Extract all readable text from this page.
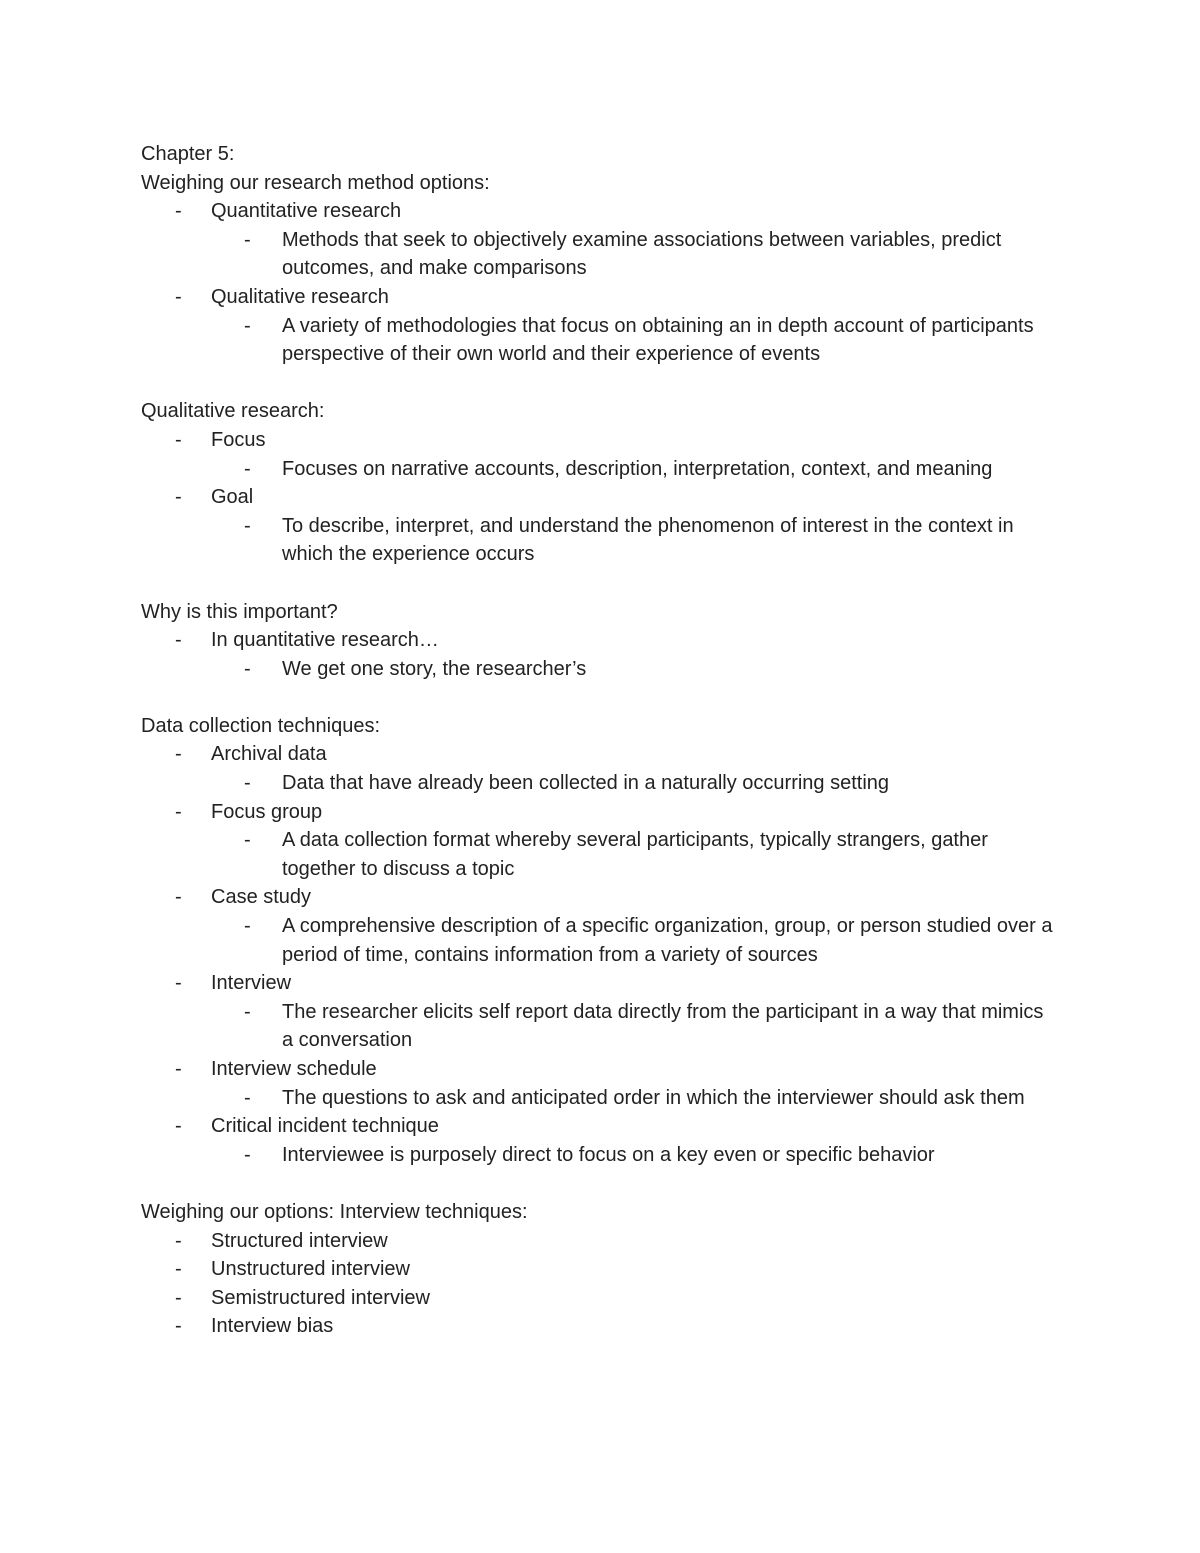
Chapter 5:
Weighing our research method options:
- Quantitative research
- Methods that seek to objectively examine associations between variables, predict outcomes, and make comparisons
- Qualitative research
- A variety of methodologies that focus on obtaining an in depth account of participants perspective of their own world and their experience of events
Qualitative research:
- Focus
- Focuses on narrative accounts, description, interpretation, context, and meaning
- Goal
- To describe, interpret, and understand the phenomenon of interest in the context in which the experience occurs
Why is this important?
- In quantitative research…
- We get one story, the researcher’s
Data collection techniques:
- Archival data
- Data that have already been collected in a naturally occurring setting
- Focus group
- A data collection format whereby several participants, typically strangers, gather together to discuss a topic
- Case study
- A comprehensive description of a specific organization, group, or person studied over a period of time, contains information from a variety of sources
- Interview
- The researcher elicits self report data directly from the participant in a way that mimics a conversation
- Interview schedule
- The questions to ask and anticipated order in which the interviewer should ask them
- Critical incident technique
- Interviewee is purposely direct to focus on a key even or specific behavior
Weighing our options: Interview techniques:
- Structured interview
- Unstructured interview
- Semistructured interview
- Interview bias
